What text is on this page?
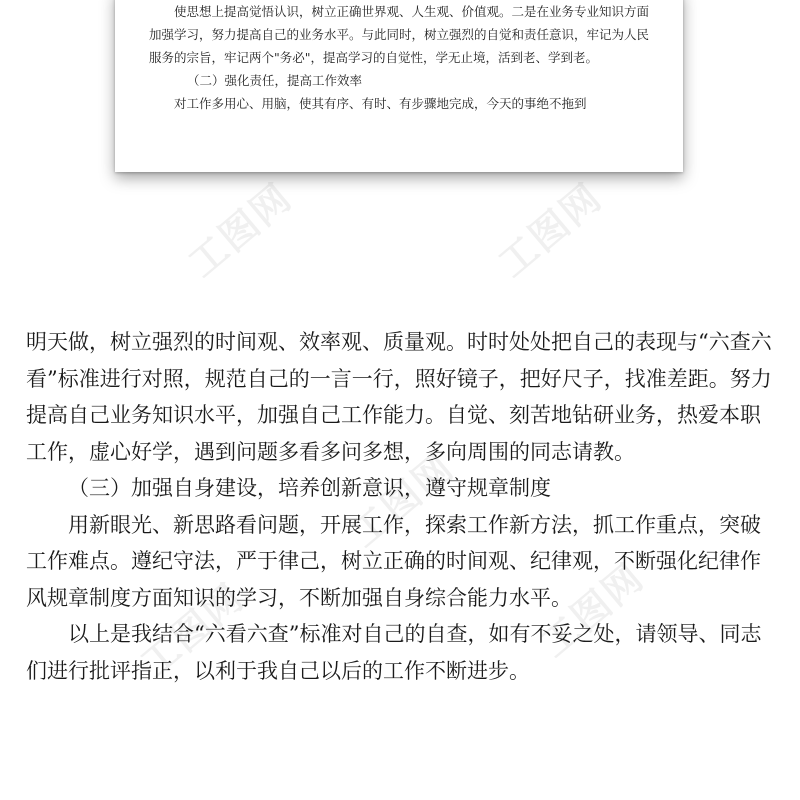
工图网	工图网
工图网
工图网	工图网

使思想上提高觉悟认识，树立正确世界观、人生观、价值观。二是在业务专业知识方面加强学习，努力提高自己的业务水平。与此同时，树立强烈的自觉和责任意识，牢记为人民服务的宗旨，牢记两个"务必"，提高学习的自觉性，学无止境，活到老、学到老。

（二）强化责任，提高工作效率

对工作多用心、用脑，使其有序、有时、有步骤地完成，今天的事绝不拖到

明天做，树立强烈的时间观、效率观、质量观。时时处处把自己的表现与“六查六看”标准进行对照，规范自己的一言一行，照好镜子，把好尺子，找准差距。努力提高自己业务知识水平，加强自己工作能力。自觉、刻苦地钻研业务，热爱本职工作，虚心好学，遇到问题多看多问多想，多向周围的同志请教。

（三）加强自身建设，培养创新意识，遵守规章制度

用新眼光、新思路看问题，开展工作，探索工作新方法，抓工作重点，突破工作难点。遵纪守法，严于律己，树立正确的时间观、纪律观，不断强化纪律作风规章制度方面知识的学习，不断加强自身综合能力水平。

以上是我结合“六看六查”标准对自己的自查，如有不妥之处，请领导、同志们进行批评指正，以利于我自己以后的工作不断进步。
